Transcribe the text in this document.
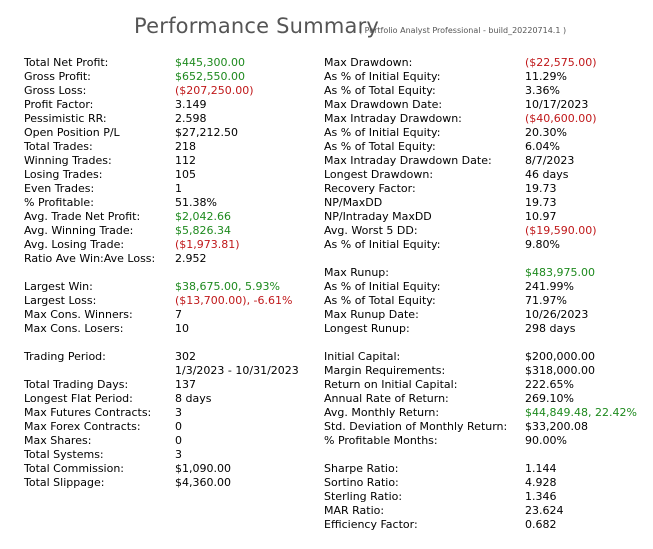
Performance Summary
( Portfolio Analyst Professional - build_20220714.1 )
Total Net Profit:	$445,300.00
Gross Profit:	$652,550.00
Gross Loss:	($207,250.00)
Profit Factor:	3.149
Pessimistic RR:	2.598
Open Position P/L	$27,212.50
Total Trades:	218
Winning Trades:	112
Losing Trades:	105
Even Trades:	1
% Profitable:	51.38%
Avg. Trade Net Profit:	$2,042.66
Avg. Winning Trade:	$5,826.34
Avg. Losing Trade:	($1,973.81)
Ratio Ave Win:Ave Loss: 2.952
Largest Win:	$38,675.00, 5.93%
Largest Loss:	($13,700.00), -6.61%
Max Cons. Winners:	7
Max Cons. Losers:	10
Trading Period:	302
1/3/2023 - 10/31/2023
Total Trading Days:	137
Longest Flat Period:	8 days
Max Futures Contracts: 3
Max Forex Contracts:	0
Max Shares:	0
Total Systems:	3
Total Commission:	$1,090.00
Total Slippage:	$4,360.00
Max Drawdown:	($22,575.00)
As % of Initial Equity:	11.29%
As % of Total Equity:	3.36%
Max Drawdown Date:	10/17/2023
Max Intraday Drawdown:	($40,600.00)
As % of Initial Equity:	20.30%
As % of Total Equity:	6.04%
Max Intraday Drawdown Date:	8/7/2023
Longest Drawdown:	46 days
Recovery Factor:	19.73
NP/MaxDD	19.73
NP/Intraday MaxDD	10.97
Avg. Worst 5 DD:	($19,590.00)
As % of Initial Equity:	9.80%
Max Runup:	$483,975.00
As % of Initial Equity:	241.99%
As % of Total Equity:	71.97%
Max Runup Date:	10/26/2023
Longest Runup:	298 days
Initial Capital:	$200,000.00
Margin Requirements:	$318,000.00
Return on Initial Capital:	222.65%
Annual Rate of Return:	269.10%
Avg. Monthly Return:	$44,849.48, 22.42%
Std. Deviation of Monthly Return: $33,200.08
% Profitable Months:	90.00%
Sharpe Ratio:	1.144
Sortino Ratio:	4.928
Sterling Ratio:	1.346
MAR Ratio:	23.624
Efficiency Factor:	0.682
